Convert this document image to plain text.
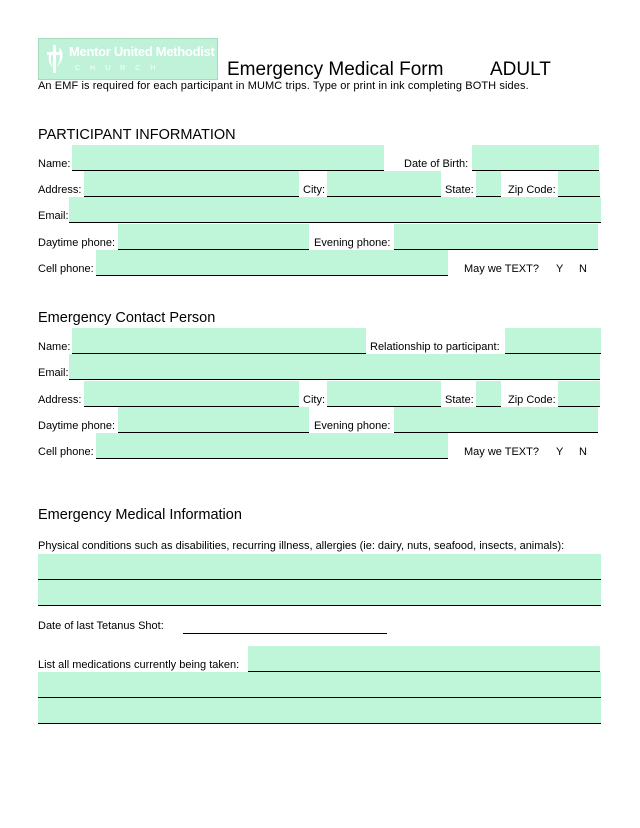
Mentor United Methodist
CHURCH	Emergency Medical Form ADULT
An EMF is required for each participant in MUMC trips. Type or print in ink completing BOTH sides.
PARTICIPANT INFORMATION
Name:	Date of Birth:
Address:	City:	State:	Zip Code:
Email:
Daytime phone:	Evening phone:
Cell phone:	May we TEXT? Y N
Emergency Contact Person
Name:	Relationship to participant:
Email:
Address:	City:	State:	Zip Code:
Daytime phone:	Evening phone:
Cell phone:	May we TEXT? Y N
Emergency Medical Information
Physical conditions such as disabilities, recurring illness, allergies (ie: dairy, nuts, seafood, insects, animals):
Date of last Tetanus Shot:
List all medications currently being taken:
